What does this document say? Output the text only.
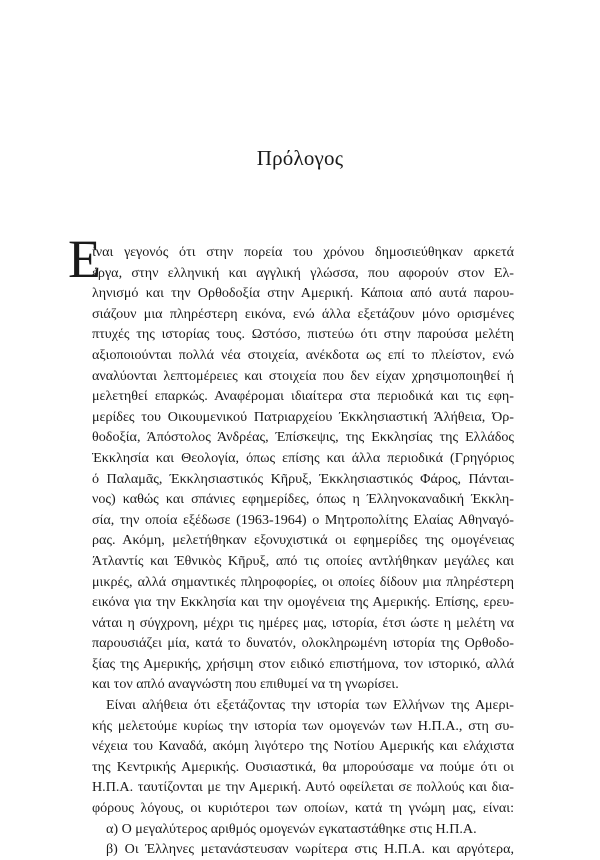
Πρόλογος
Ε
ίναι γεγονός ότι στην πορεία του χρόνου δημοσιεύθηκαν αρκετά
έργα, στην ελληνική και αγγλική γλώσσα, που αφορούν στον Ελ-
ληνισμό και την Ορθοδοξία στην Αμερική. Κάποια από αυτά παρου-
σιάζουν μια πληρέστερη εικόνα, ενώ άλλα εξετάζουν μόνο ορισμένες
πτυχές της ιστορίας τους. Ωστόσο, πιστεύω ότι στην παρούσα μελέτη
αξιοποιούνται πολλά νέα στοιχεία, ανέκδοτα ως επί το πλείστον, ενώ
αναλύονται λεπτομέρειες και στοιχεία που δεν είχαν χρησιμοποιηθεί ή
μελετηθεί επαρκώς. Αναφέρομαι ιδιαίτερα στα περιοδικά και τις εφη-
μερίδες του Οικουμενικού Πατριαρχείου Έκκλησιαστική Άλήθεια, Όρ-
θοδοξία, Άπόστολος Άνδρέας, Έπίσκεψις, της Εκκλησίας της Ελλάδος
Έκκλησία και Θεολογία, όπως επίσης και άλλα περιοδικά (Γρηγόριος
ό Παλαμᾶς, Έκκλησιαστικός Κῆρυξ, Έκκλησιαστικός Φάρος, Πάνται-
νος) καθώς και σπάνιες εφημερίδες, όπως η Έλληνοκαναδική Έκκλη-
σία, την οποία εξέδωσε (1963-1964) ο Μητροπολίτης Ελαίας Αθηναγό-
ρας. Ακόμη, μελετήθηκαν εξονυχιστικά οι εφημερίδες της ομογένειας
Άτλαντίς και Έθνικὸς Κῆρυξ, από τις οποίες αντλήθηκαν μεγάλες και
μικρές, αλλά σημαντικές πληροφορίες, οι οποίες δίδουν μια πληρέστερη
εικόνα για την Εκκλησία και την ομογένεια της Αμερικής. Επίσης, ερευ-
νάται η σύγχρονη, μέχρι τις ημέρες μας, ιστορία, έτσι ώστε η μελέτη να
παρουσιάζει μία, κατά το δυνατόν, ολοκληρωμένη ιστορία της Ορθοδο-
ξίας της Αμερικής, χρήσιμη στον ειδικό επιστήμονα, τον ιστορικό, αλλά
και τον απλό αναγνώστη που επιθυμεί να τη γνωρίσει.
Είναι αλήθεια ότι εξετάζοντας την ιστορία των Ελλήνων της Αμερι-
κής μελετούμε κυρίως την ιστορία των ομογενών των Η.Π.Α., στη συ-
νέχεια του Καναδά, ακόμη λιγότερο της Νοτίου Αμερικής και ελάχιστα
της Κεντρικής Αμερικής. Ουσιαστικά, θα μπορούσαμε να πούμε ότι οι
Η.Π.Α. ταυτίζονται με την Αμερική. Αυτό οφείλεται σε πολλούς και δια-
φόρους λόγους, οι κυριότεροι των οποίων, κατά τη γνώμη μας, είναι:
α) Ο μεγαλύτερος αριθμός ομογενών εγκαταστάθηκε στις Η.Π.Α.
β) Οι Έλληνες μετανάστευσαν νωρίτερα στις Η.Π.Α. και αργότερα,
